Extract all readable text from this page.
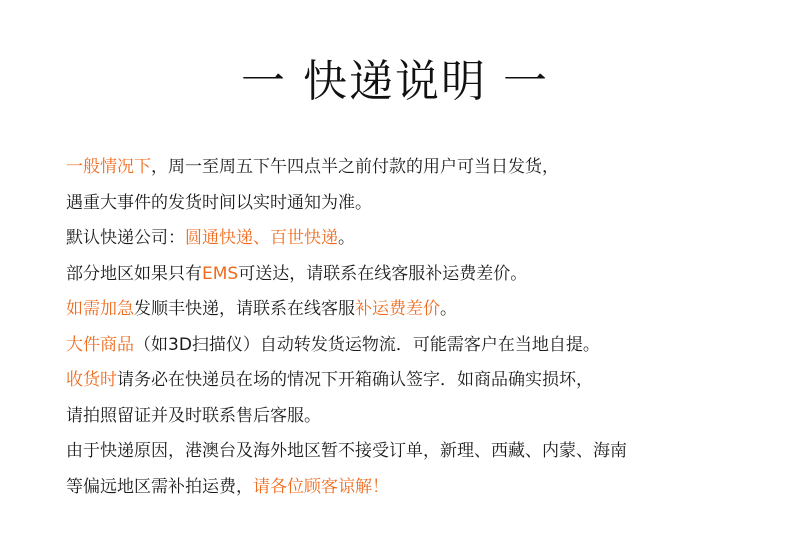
一 快递说明 一
一般情况下，周一至周五下午四点半之前付款的用户可当日发货，
遇重大事件的发货时间以实时通知为准。
默认快递公司：圆通快递、百世快递。
部分地区如果只有EMS可送达，请联系在线客服补运费差价。
如需加急发顺丰快递，请联系在线客服补运费差价。
大件商品（如3D扫描仪）自动转发货运物流．可能需客户在当地自提。
收货时请务必在快递员在场的情况下开箱确认签字．如商品确实损坏，
请拍照留证并及时联系售后客服。
由于快递原因，港澳台及海外地区暂不接受订单，新理、西藏、内蒙、海南
等偏远地区需补拍运费，请各位顾客谅解！
